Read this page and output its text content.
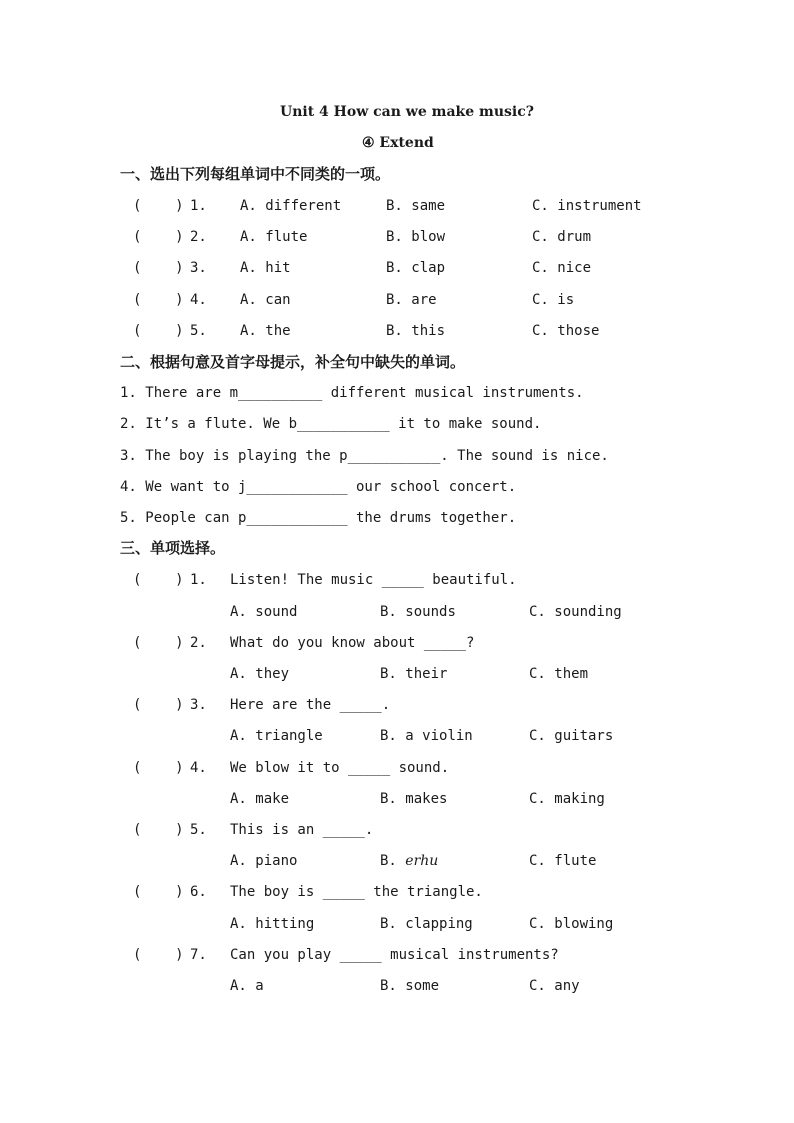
Unit 4 How can we make music?
④ Extend
一、选出下列每组单词中不同类的一项。
(    ) 1. A. different	B. same	C. instrument
(    ) 2. A. flute	B. blow	C. drum
(    ) 3. A. hit	B. clap	C. nice
(    ) 4. A. can	B. are	C. is
(    ) 5. A. the	B. this	C. those
二、根据句意及首字母提示，补全句中缺失的单词。
1. There are m__________ different musical instruments.
2. It’s a flute. We b___________ it to make sound.
3. The boy is playing the p___________. The sound is nice.
4. We want to j____________ our school concert.
5. People can p____________ the drums together.
三、单项选择。
(    ) 1. Listen! The music _____ beautiful.
A. sound	B. sounds	C. sounding
(    ) 2. What do you know about _____?
A. they	B. their	C. them
(    ) 3. Here are the _____.
A. triangle	B. a violin	C. guitars
(    ) 4. We blow it to _____ sound.
A. make	B. makes	C. making
(    ) 5. This is an _____.
A. piano	B. erhu	C. flute
(    ) 6. The boy is _____ the triangle.
A. hitting	B. clapping	C. blowing
(    ) 7. Can you play _____ musical instruments?
A. a	B. some	C. any
